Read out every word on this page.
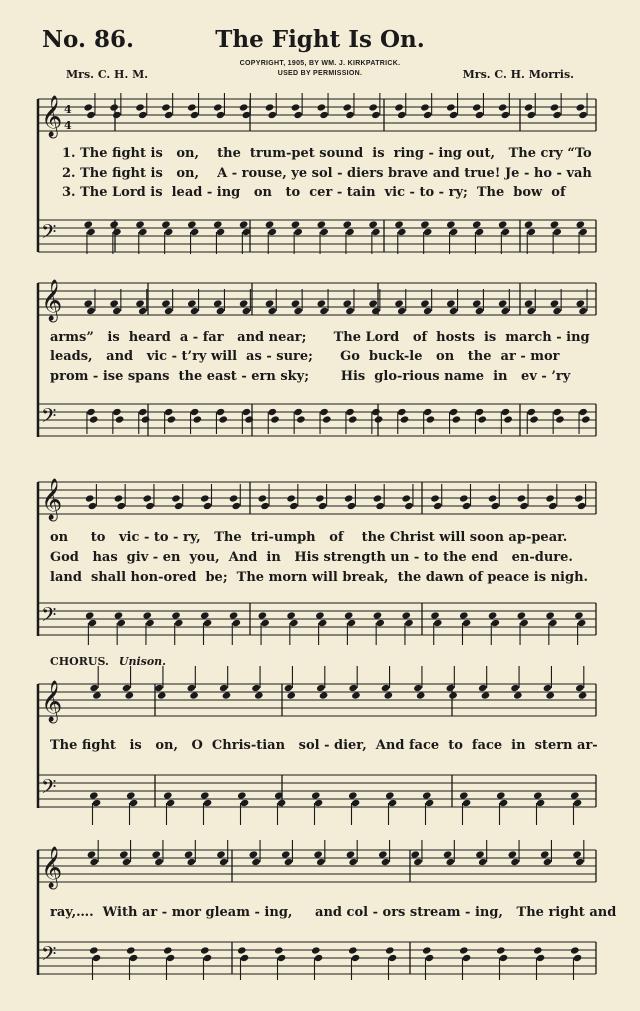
No. 86.	The Fight Is On.
COPYRIGHT, 1905, BY WM. J. KIRKPATRICK.
USED BY PERMISSION.
Mrs. C. H. M.	Mrs. C. H. Morris.
𝄞
𝄢
4
4
𝄞
𝄢
𝄞
𝄢
𝄞
𝄢
𝄞
𝄢
1. The fight is   on,    the  trum-pet sound  is  ring - ing out,   The cry “To
2. The fight is   on,    A - rouse, ye sol - diers brave and true! Je - ho - vah
3. The Lord is  lead - ing   on   to  cer - tain  vic - to - ry;  The  bow  of
arms”   is  heard  a - far   and near;      The Lord   of  hosts  is  march - ing
leads,   and   vic - t’ry will  as - sure;      Go  buck-le   on   the  ar - mor
prom - ise spans  the east - ern sky;       His  glo-rious name  in   ev - ’ry
on     to   vic - to - ry,   The  tri-umph   of    the Christ will soon ap-pear.
God   has  giv - en  you,  And  in   His strength un - to the end   en-dure.
land  shall hon-ored  be;  The morn will break,  the dawn of peace is nigh.
CHORUS. Unison.
The fight   is   on,   O  Chris-tian   sol - dier,  And face  to  face  in  stern ar-
ray,….  With ar - mor gleam - ing,     and col - ors stream - ing,   The right and
